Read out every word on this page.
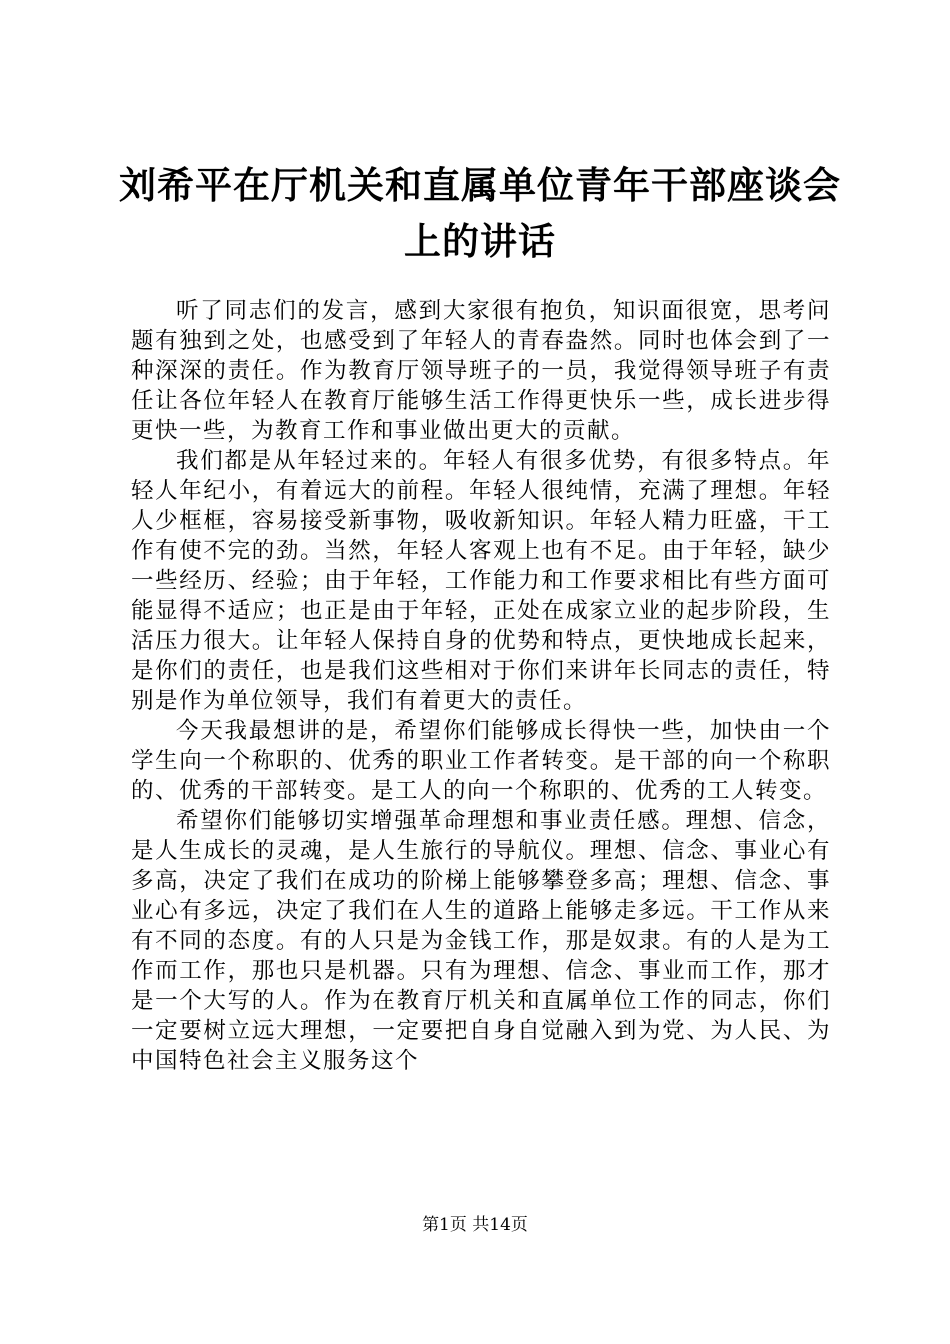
刘希平在厅机关和直属单位青年干部座谈会上的讲话

听了同志们的发言，感到大家很有抱负，知识面很宽，思考问题有独到之处，也感受到了年轻人的青春盎然。同时也体会到了一种深深的责任。作为教育厅领导班子的一员，我觉得领导班子有责任让各位年轻人在教育厅能够生活工作得更快乐一些，成长进步得更快一些，为教育工作和事业做出更大的贡献。

我们都是从年轻过来的。年轻人有很多优势，有很多特点。年轻人年纪小，有着远大的前程。年轻人很纯情，充满了理想。年轻人少框框，容易接受新事物，吸收新知识。年轻人精力旺盛，干工作有使不完的劲。当然，年轻人客观上也有不足。由于年轻，缺少一些经历、经验；由于年轻，工作能力和工作要求相比有些方面可能显得不适应；也正是由于年轻，正处在成家立业的起步阶段，生活压力很大。让年轻人保持自身的优势和特点，更快地成长起来，是你们的责任，也是我们这些相对于你们来讲年长同志的责任，特别是作为单位领导，我们有着更大的责任。

今天我最想讲的是，希望你们能够成长得快一些，加快由一个学生向一个称职的、优秀的职业工作者转变。是干部的向一个称职的、优秀的干部转变。是工人的向一个称职的、优秀的工人转变。

希望你们能够切实增强革命理想和事业责任感。理想、信念，是人生成长的灵魂，是人生旅行的导航仪。理想、信念、事业心有多高，决定了我们在成功的阶梯上能够攀登多高；理想、信念、事业心有多远，决定了我们在人生的道路上能够走多远。干工作从来有不同的态度。有的人只是为金钱工作，那是奴隶。有的人是为工作而工作，那也只是机器。只有为理想、信念、事业而工作，那才是一个大写的人。作为在教育厅机关和直属单位工作的同志，你们一定要树立远大理想，一定要把自身自觉融入到为党、为人民、为中国特色社会主义服务这个

第1页 共14页
